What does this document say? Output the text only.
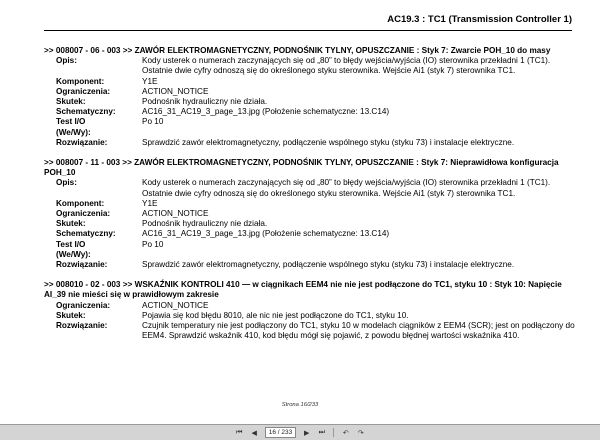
AC19.3 : TC1 (Transmission Controller 1)
>> 008007 - 06 - 003 >> ZAWÓR ELEKTROMAGNETYCZNY, PODNOŚNIK TYLNY, OPUSZCZANIE : Styk 7: Zwarcie POH_10 do masy
Opis:	Kody usterek o numerach zaczynających się od „80” to błędy wejścia/wyjścia (IO) sterownika przekładni 1 (TC1). Ostatnie dwie cyfry odnoszą się do określonego styku sterownika. Wejście Ai1 (styk 7) sterownika TC1.
Komponent:	Y1E
Ograniczenia:	ACTION_NOTICE
Skutek:	Podnośnik hydrauliczny nie działa.
Schematyczny:	AC16_31_AC19_3_page_13.jpg (Położenie schematyczne: 13.C14)
Test I/O (We/Wy):
Po 10
Rozwiązanie:	Sprawdzić zawór elektromagnetyczny, podłączenie wspólnego styku (styku 73) i instalacje elektryczne.
>> 008007 - 11 - 003 >> ZAWÓR ELEKTROMAGNETYCZNY, PODNOŚNIK TYLNY, OPUSZCZANIE : Styk 7: Nieprawidłowa konfiguracja POH_10
Opis:	Kody usterek o numerach zaczynających się od „80” to błędy wejścia/wyjścia (IO) sterownika przekładni 1 (TC1). Ostatnie dwie cyfry odnoszą się do określonego styku sterownika. Wejście Ai1 (styk 7) sterownika TC1.
Komponent:	Y1E
Ograniczenia:	ACTION_NOTICE
Skutek:	Podnośnik hydrauliczny nie działa.
Schematyczny:	AC16_31_AC19_3_page_13.jpg (Położenie schematyczne: 13.C14)
Test I/O (We/Wy):
Po 10
Rozwiązanie:	Sprawdzić zawór elektromagnetyczny, podłączenie wspólnego styku (styku 73) i instalacje elektryczne.
>> 008010 - 02 - 003 >> WSKAŹNIK KONTROLI 410 — w ciągnikach EEM4 nie nie jest podłączone do TC1, styku 10 : Styk 10: Napięcie AI_39 nie mieści się w prawidłowym zakresie
Ograniczenia:	ACTION_NOTICE
Skutek:	Pojawia się kod błędu 8010, ale nic nie jest podłączone do TC1, styku 10.
Rozwiązanie:	Czujnik temperatury nie jest podłączony do TC1, styku 10 w modelach ciągników z EEM4 (SCR); jest on podłączony do EEM4. Sprawdzić wskaźnik 410, kod błędu mógł się pojawić, z powodu błędnej wartości wskaźnika 410.
Strona 16/233
⏮	◀	16
/ 233	▶	⏭	↶	↷
